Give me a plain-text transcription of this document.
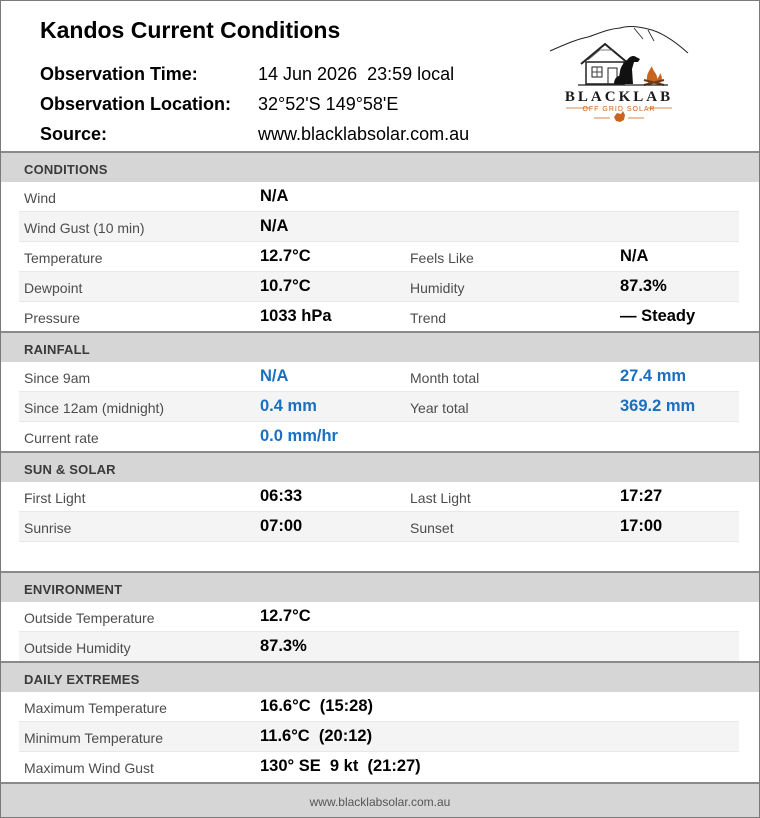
Kandos Current Conditions
Observation Time:	14 Jun 2026  23:59 local
Observation Location: 32°52'S 149°58'E
Source:	www.blacklabsolar.com.au
BLACKLAB
OFF GRID SOLAR
CONDITIONS
Wind	N/A
Wind Gust (10 min)	N/A
Temperature	12.7°C	Feels Like	N/A
Dewpoint	10.7°C	Humidity	87.3%
Pressure	1033 hPa	Trend	— Steady
RAINFALL
Since 9am	N/A	Month total	27.4 mm
Since 12am (midnight)	0.4 mm	Year total	369.2 mm
Current rate	0.0 mm/hr
SUN & SOLAR
First Light	06:33	Last Light	17:27
Sunrise	07:00	Sunset	17:00
ENVIRONMENT
Outside Temperature	12.7°C
Outside Humidity	87.3%
DAILY EXTREMES
Maximum Temperature	16.6°C  (15:28)
Minimum Temperature	11.6°C  (20:12)
Maximum Wind Gust	130° SE  9 kt  (21:27)
www.blacklabsolar.com.au
